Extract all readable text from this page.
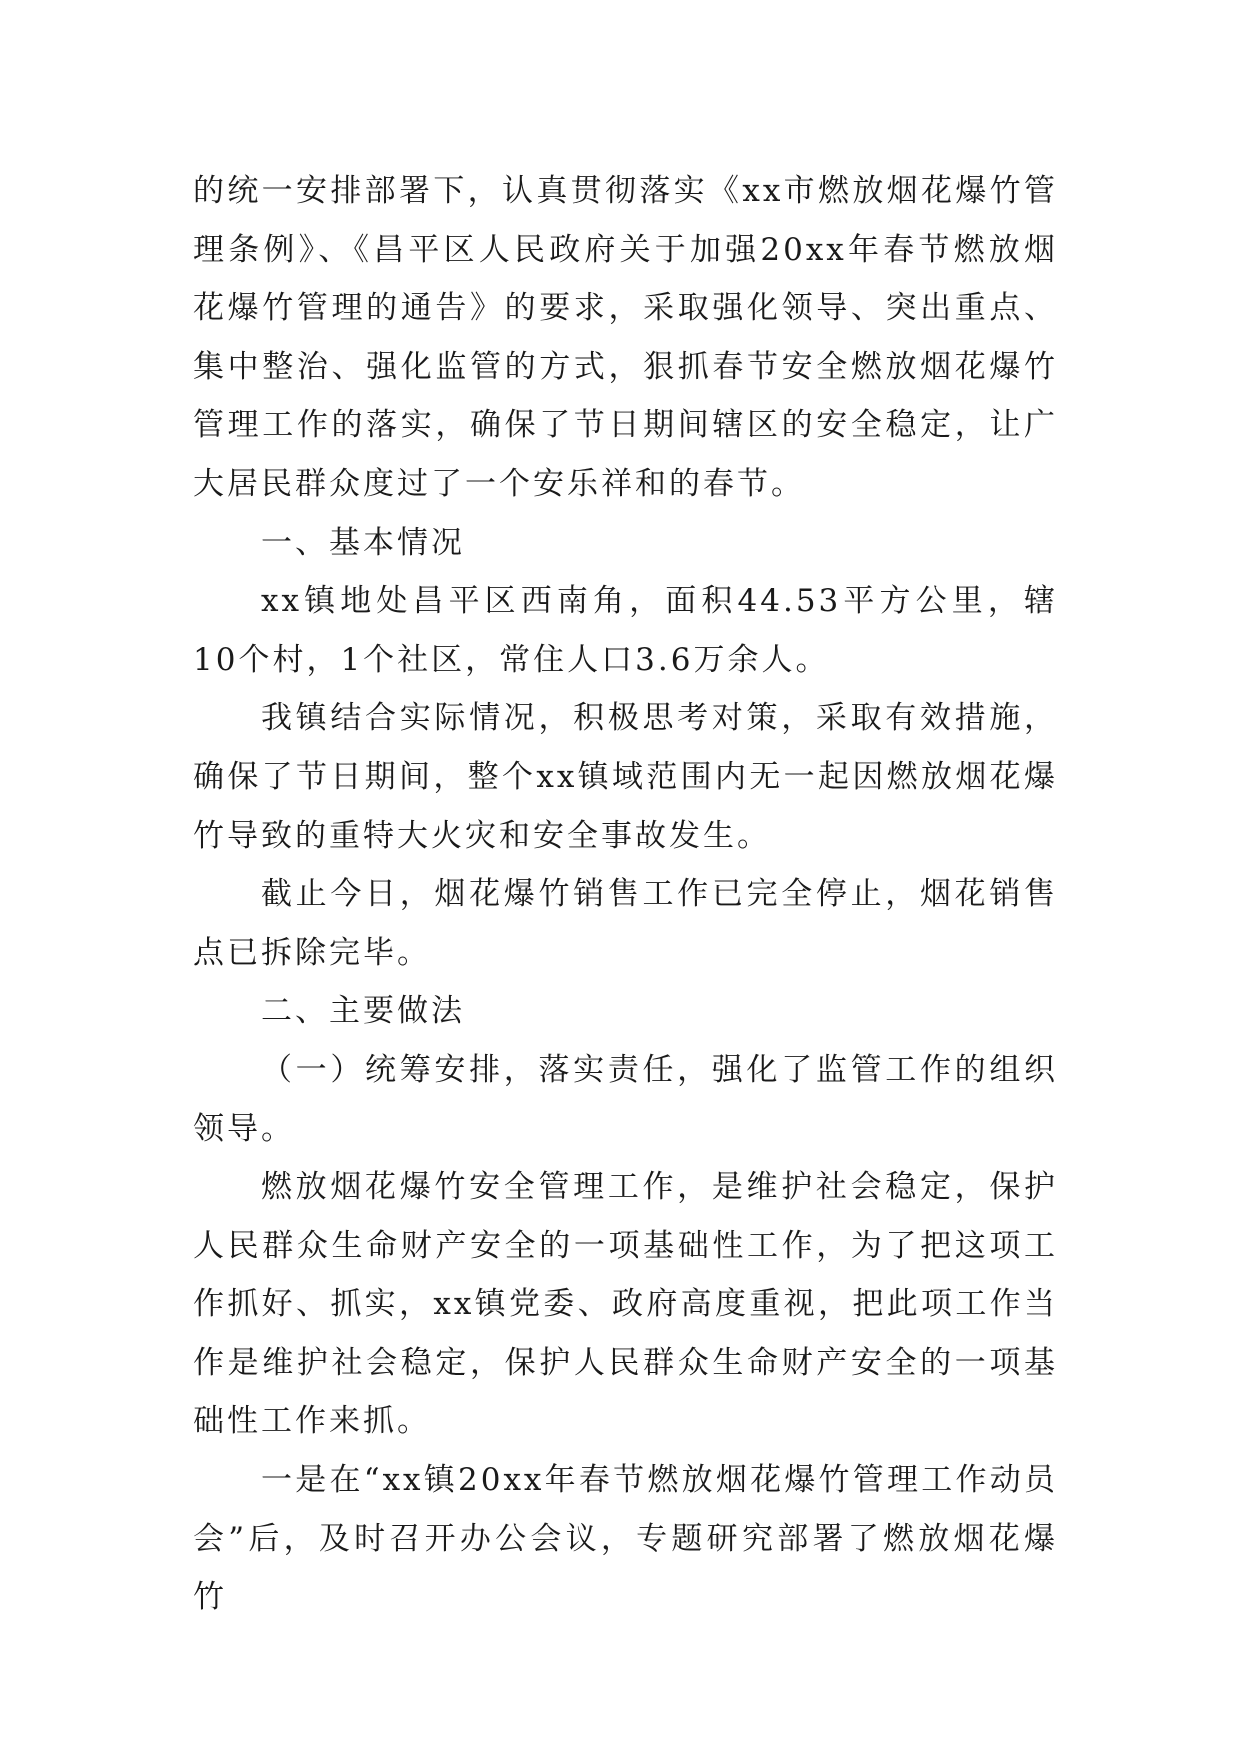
的统一安排部署下，认真贯彻落实《xx市燃放烟花爆竹管理条例》、《昌平区人民政府关于加强20xx年春节燃放烟花爆竹管理的通告》的要求，采取强化领导、突出重点、集中整治、强化监管的方式，狠抓春节安全燃放烟花爆竹管理工作的落实，确保了节日期间辖区的安全稳定，让广大居民群众度过了一个安乐祥和的春节。

一、基本情况

xx镇地处昌平区西南角，面积44.53平方公里，辖10个村，1个社区，常住人口3.6万余人。

我镇结合实际情况，积极思考对策，采取有效措施，确保了节日期间，整个xx镇域范围内无一起因燃放烟花爆竹导致的重特大火灾和安全事故发生。

截止今日，烟花爆竹销售工作已完全停止，烟花销售点已拆除完毕。

二、主要做法

（一）统筹安排，落实责任，强化了监管工作的组织领导。

燃放烟花爆竹安全管理工作，是维护社会稳定，保护人民群众生命财产安全的一项基础性工作，为了把这项工作抓好、抓实，xx镇党委、政府高度重视，把此项工作当作是维护社会稳定，保护人民群众生命财产安全的一项基础性工作来抓。

一是在“xx镇20xx年春节燃放烟花爆竹管理工作动员会”后，及时召开办公会议，专题研究部署了燃放烟花爆竹
